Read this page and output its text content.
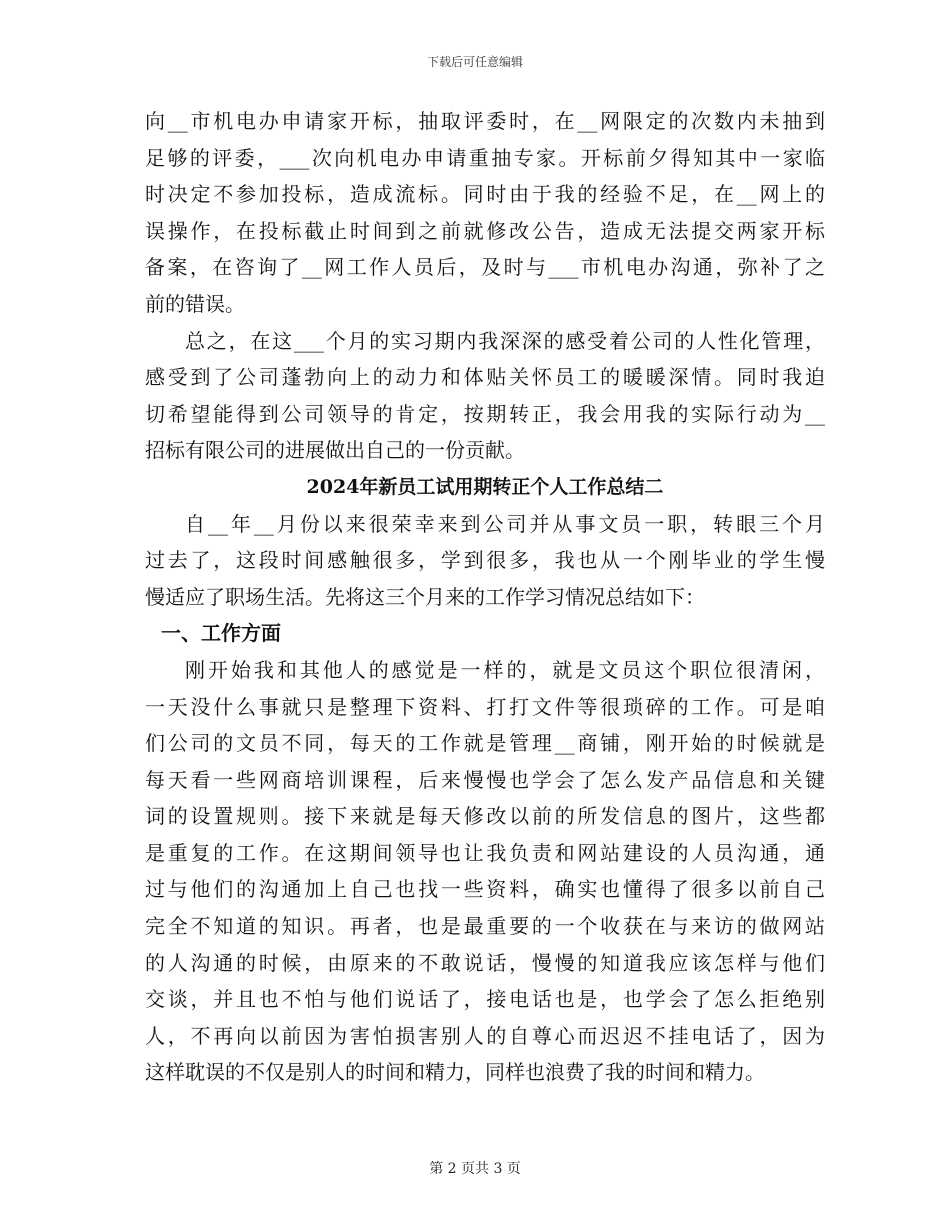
下载后可任意编辑
向__市机电办申请家开标，抽取评委时，在__网限定的次数内未抽到
足够的评委，___次向机电办申请重抽专家。开标前夕得知其中一家临
时决定不参加投标，造成流标。同时由于我的经验不足，在__网上的
误操作，在投标截止时间到之前就修改公告，造成无法提交两家开标
备案，在咨询了__网工作人员后，及时与___市机电办沟通，弥补了之
前的错误。
总之，在这___个月的实习期内我深深的感受着公司的人性化管理，
感受到了公司蓬勃向上的动力和体贴关怀员工的暖暖深情。同时我迫
切希望能得到公司领导的肯定，按期转正，我会用我的实际行动为__
招标有限公司的进展做出自己的一份贡献。
2024年新员工试用期转正个人工作总结二
自__年__月份以来很荣幸来到公司并从事文员一职，转眼三个月
过去了，这段时间感触很多，学到很多，我也从一个刚毕业的学生慢
慢适应了职场生活。先将这三个月来的工作学习情况总结如下：
一、工作方面
刚开始我和其他人的感觉是一样的，就是文员这个职位很清闲，
一天没什么事就只是整理下资料、打打文件等很琐碎的工作。可是咱
们公司的文员不同，每天的工作就是管理__商铺，刚开始的时候就是
每天看一些网商培训课程，后来慢慢也学会了怎么发产品信息和关键
词的设置规则。接下来就是每天修改以前的所发信息的图片，这些都
是重复的工作。在这期间领导也让我负责和网站建设的人员沟通，通
过与他们的沟通加上自己也找一些资料，确实也懂得了很多以前自己
完全不知道的知识。再者，也是最重要的一个收获在与来访的做网站
的人沟通的时候，由原来的不敢说话，慢慢的知道我应该怎样与他们
交谈，并且也不怕与他们说话了，接电话也是，也学会了怎么拒绝别
人，不再向以前因为害怕损害别人的自尊心而迟迟不挂电话了，因为
这样耽误的不仅是别人的时间和精力，同样也浪费了我的时间和精力。
第 2 页共 3 页
